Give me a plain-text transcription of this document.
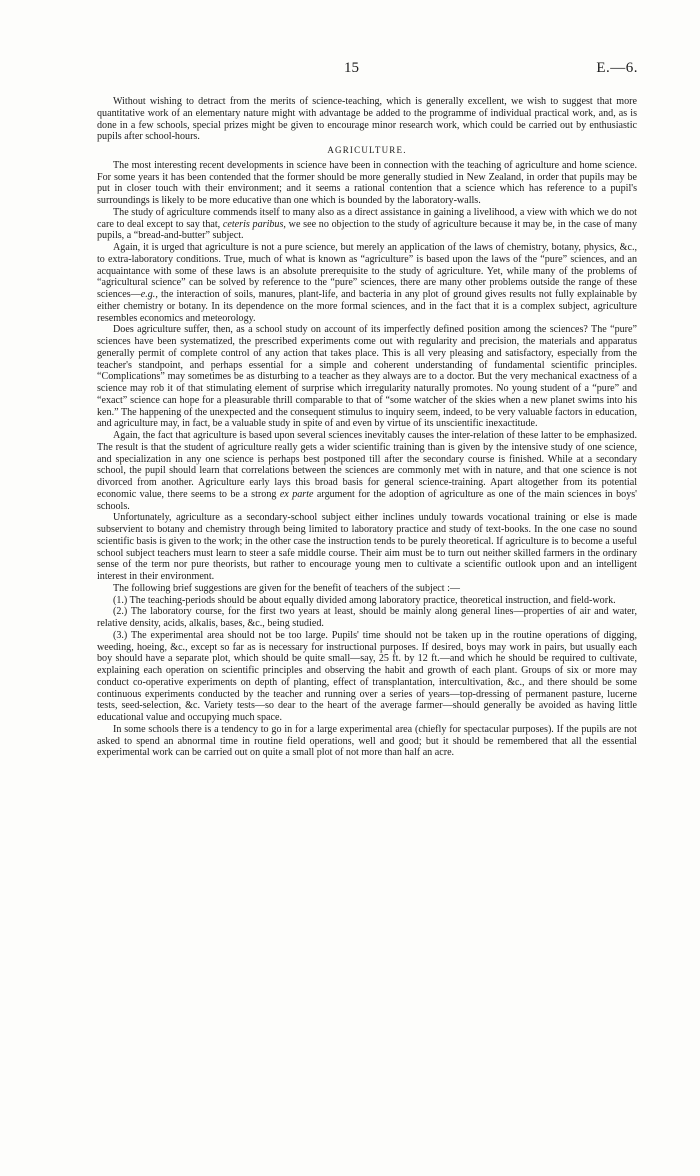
15	E.—6.

Without wishing to detract from the merits of science-teaching, which is generally excellent, we wish to suggest that more quantitative work of an elementary nature might with advantage be added to the programme of individual practical work, and, as is done in a few schools, special prizes might be given to encourage minor research work, which could be carried out by enthusiastic pupils after school-hours.

AGRICULTURE.

The most interesting recent developments in science have been in connection with the teaching of agriculture and home science. For some years it has been contended that the former should be more generally studied in New Zealand, in order that pupils may be put in closer touch with their environment; and it seems a rational contention that a science which has reference to a pupil's surroundings is likely to be more educative than one which is bounded by the laboratory-walls.

The study of agriculture commends itself to many also as a direct assistance in gaining a livelihood, a view with which we do not care to deal except to say that, ceteris paribus, we see no objection to the study of agriculture because it may be, in the case of many pupils, a “bread-and-butter” subject.

Again, it is urged that agriculture is not a pure science, but merely an application of the laws of chemistry, botany, physics, &c., to extra-laboratory conditions. True, much of what is known as “agriculture” is based upon the laws of the “pure” sciences, and an acquaintance with some of these laws is an absolute prerequisite to the study of agriculture. Yet, while many of the problems of “agricultural science” can be solved by reference to the “pure” sciences, there are many other problems outside the range of these sciences—e.g., the interaction of soils, manures, plant-life, and bacteria in any plot of ground gives results not fully explainable by either chemistry or botany. In its dependence on the more formal sciences, and in the fact that it is a complex subject, agriculture resembles economics and meteorology.

Does agriculture suffer, then, as a school study on account of its imperfectly defined position among the sciences? The “pure” sciences have been systematized, the prescribed experiments come out with regularity and precision, the materials and apparatus generally permit of complete control of any action that takes place. This is all very pleasing and satisfactory, especially from the teacher's standpoint, and perhaps essential for a simple and coherent understanding of fundamental scientific principles. “Complications” may sometimes be as disturbing to a teacher as they always are to a doctor. But the very mechanical exactness of a science may rob it of that stimulating element of surprise which irregularity naturally promotes. No young student of a “pure” and “exact” science can hope for a pleasurable thrill comparable to that of “some watcher of the skies when a new planet swims into his ken.” The happening of the unexpected and the consequent stimulus to inquiry seem, indeed, to be very valuable factors in education, and agriculture may, in fact, be a valuable study in spite of and even by virtue of its unscientific inexactitude.

Again, the fact that agriculture is based upon several sciences inevitably causes the inter-relation of these latter to be emphasized. The result is that the student of agriculture really gets a wider scientific training than is given by the intensive study of one science, and specialization in any one science is perhaps best postponed till after the secondary course is finished. While at a secondary school, the pupil should learn that correlations between the sciences are commonly met with in nature, and that one science is not divorced from another. Agriculture early lays this broad basis for general science-training. Apart altogether from its potential economic value, there seems to be a strong ex parte argument for the adoption of agriculture as one of the main sciences in boys' schools.

Unfortunately, agriculture as a secondary-school subject either inclines unduly towards vocational training or else is made subservient to botany and chemistry through being limited to laboratory practice and study of text-books. In the one case no sound scientific basis is given to the work; in the other case the instruction tends to be purely theoretical. If agriculture is to become a useful school subject teachers must learn to steer a safe middle course. Their aim must be to turn out neither skilled farmers in the ordinary sense of the term nor pure theorists, but rather to encourage young men to cultivate a scientific outlook upon and an intelligent interest in their environment.

The following brief suggestions are given for the benefit of teachers of the subject :—

(1.) The teaching-periods should be about equally divided among laboratory practice, theoretical instruction, and field-work.

(2.) The laboratory course, for the first two years at least, should be mainly along general lines—properties of air and water, relative density, acids, alkalis, bases, &c., being studied.

(3.) The experimental area should not be too large. Pupils' time should not be taken up in the routine operations of digging, weeding, hoeing, &c., except so far as is necessary for instructional purposes. If desired, boys may work in pairs, but usually each boy should have a separate plot, which should be quite small—say, 25 ft. by 12 ft.—and which he should be required to cultivate, explaining each operation on scientific principles and observing the habit and growth of each plant. Groups of six or more may conduct co-operative experiments on depth of planting, effect of transplantation, intercultivation, &c., and there should be some continuous experiments conducted by the teacher and running over a series of years—top-dressing of permanent pasture, lucerne tests, seed-selection, &c. Variety tests—so dear to the heart of the average farmer—should generally be avoided as having little educational value and occupying much space.

In some schools there is a tendency to go in for a large experimental area (chiefly for spectacular purposes). If the pupils are not asked to spend an abnormal time in routine field operations, well and good; but it should be remembered that all the essential experimental work can be carried out on quite a small plot of not more than half an acre.
